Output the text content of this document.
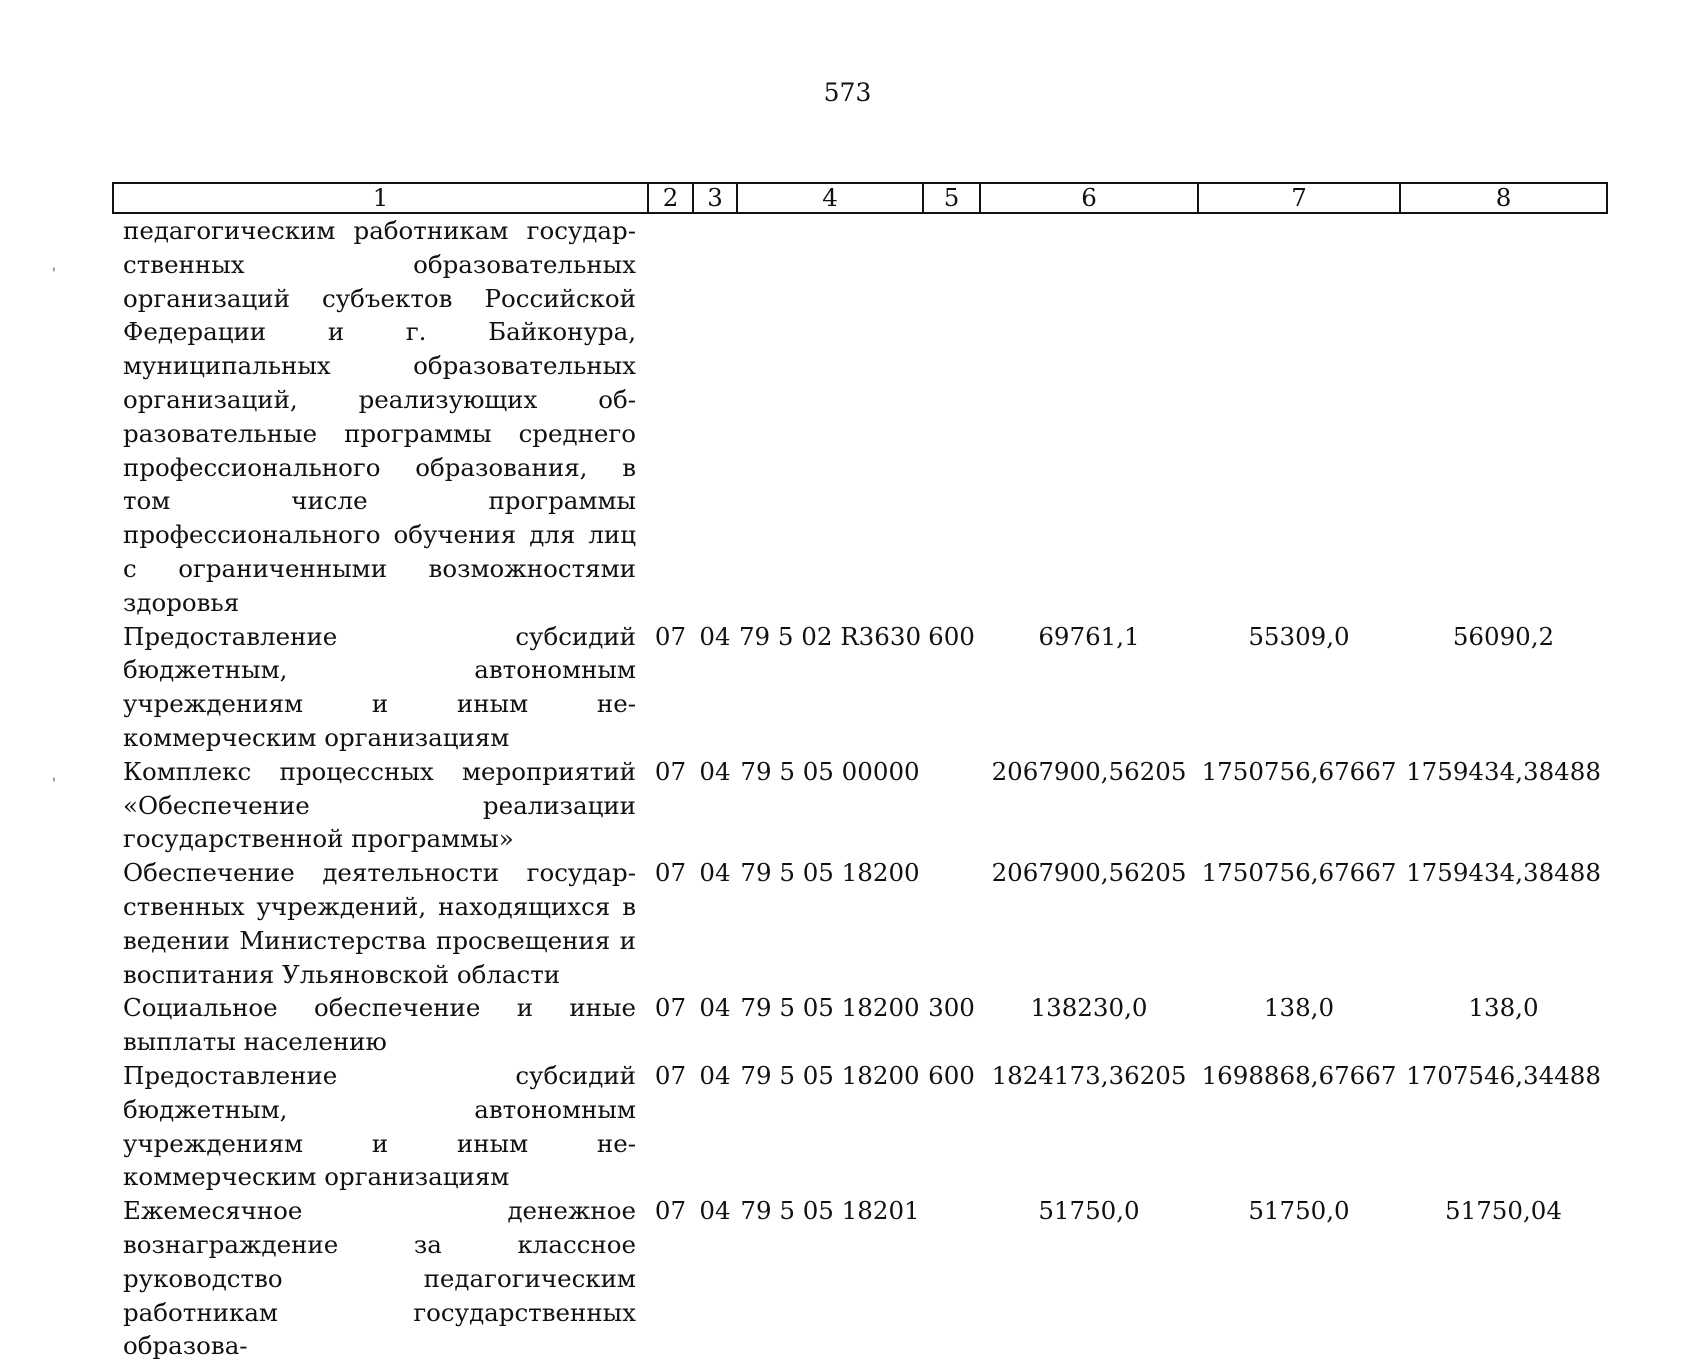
573
'
'
1	2	3	4	5	6	7	8
педагогическим работникам государственных образовательных организаций субъектов Российской Федерации и г. Байконура, муниципальных образовательных организаций, реализующих образовательные программы среднего профессионального образования, в том числе программы профессионального обучения для лиц с ограниченными возможностями здоровья							
Предоставление субсидий бюджетным, автономным учреждениям и иным некоммерческим организациям	07	04	79 5 02 R3630	600	69761,1	55309,0	56090,2
Комплекс процессных мероприятий «Обеспечение реализации государственной программы»	07	04	79 5 05 00000		2067900,56205	1750756,67667	1759434,38488
Обеспечение деятельности государственных учреждений, находящихся в ведении Министерства просвещения и воспитания Ульяновской области	07	04	79 5 05 18200		2067900,56205	1750756,67667	1759434,38488
Социальное обеспечение и иные выплаты населению	07	04	79 5 05 18200	300	138230,0	138,0	138,0
Предоставление субсидий бюджетным, автономным учреждениям и иным некоммерческим организациям	07	04	79 5 05 18200	600	1824173,36205	1698868,67667	1707546,34488
Ежемесячное денежное вознаграждение за классное руководство педагогическим работникам государственных образова-	07	04	79 5 05 18201		51750,0	51750,0	51750,04
